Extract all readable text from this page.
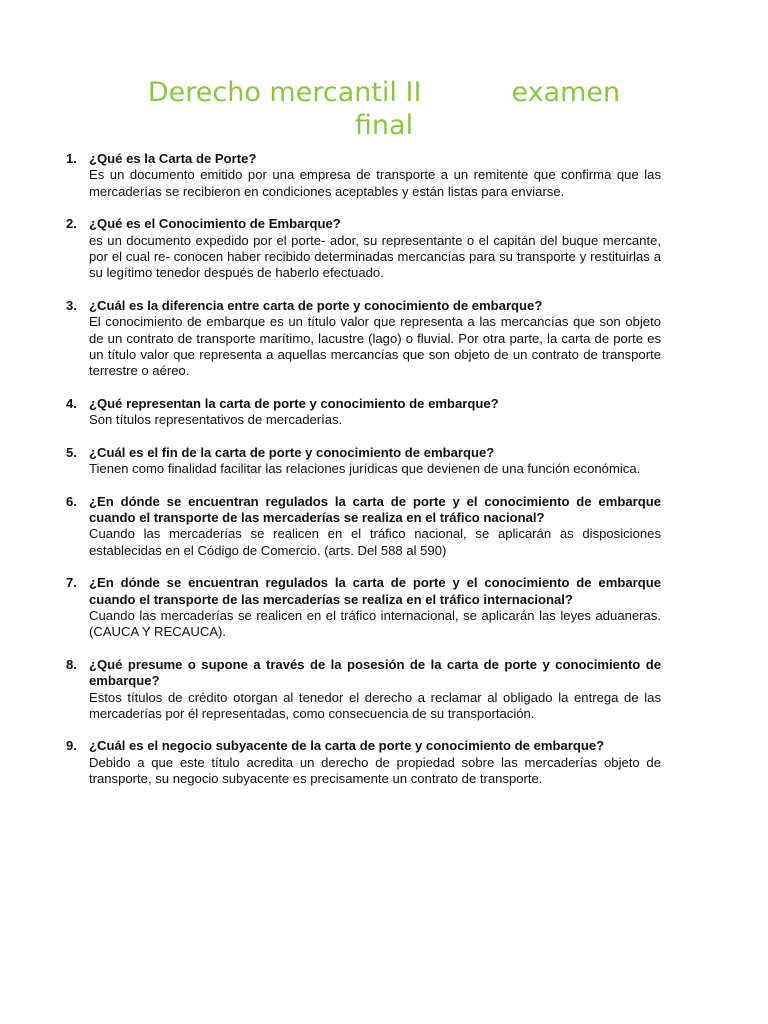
Derecho mercantil II	examen
final
1. ¿Qué es la Carta de Porte?
Es un documento emitido por una empresa de transporte a un remitente que confirma que las mercaderías se recibieron en condiciones aceptables y están listas para enviarse.
2. ¿Qué es el Conocimiento de Embarque?
es un documento expedido por el porte- ador, su representante o el capitán del buque mercante, por el cual re- conocen haber recibido determinadas mercancías para su transporte y restituirlas a su legítimo tenedor después de haberlo efectuado.
3. ¿Cuál es la diferencia entre carta de porte y conocimiento de embarque?
El conocimiento de embarque es un título valor que representa a las mercancías que son objeto de un contrato de transporte marítimo, lacustre (lago) o fluvial. Por otra parte, la carta de porte es un título valor que representa a aquellas mercancías que son objeto de un contrato de transporte terrestre o aéreo.
4. ¿Qué representan la carta de porte y conocimiento de embarque?
Son títulos representativos de mercaderías.
5. ¿Cuál es el fin de la carta de porte y conocimiento de embarque?
Tienen como finalidad facilitar las relaciones jurídicas que devienen de una función económica.
6. ¿En dónde se encuentran regulados la carta de porte y el conocimiento de embarque cuando el transporte de las mercaderías se realiza en el tráfico nacional?
Cuando las mercaderías se realicen en el tráfico nacional, se aplicarán as disposiciones establecidas en el Código de Comercio. (arts. Del 588 al 590)
7. ¿En dónde se encuentran regulados la carta de porte y el conocimiento de embarque cuando el transporte de las mercaderías se realiza en el tráfico internacional?
Cuando las mercaderías se realicen en el tráfico internacional, se aplicarán las leyes aduaneras. (CAUCA Y RECAUCA).
8. ¿Qué presume o supone a través de la posesión de la carta de porte y conocimiento de embarque?
Estos títulos de crédito otorgan al tenedor el derecho a reclamar al obligado la entrega de las mercaderías por él representadas, como consecuencia de su transportación.
9. ¿Cuál es el negocio subyacente de la carta de porte y conocimiento de embarque?
Debido a que este título acredita un derecho de propiedad sobre las mercaderías objeto de transporte, su negocio subyacente es precisamente un contrato de transporte.
